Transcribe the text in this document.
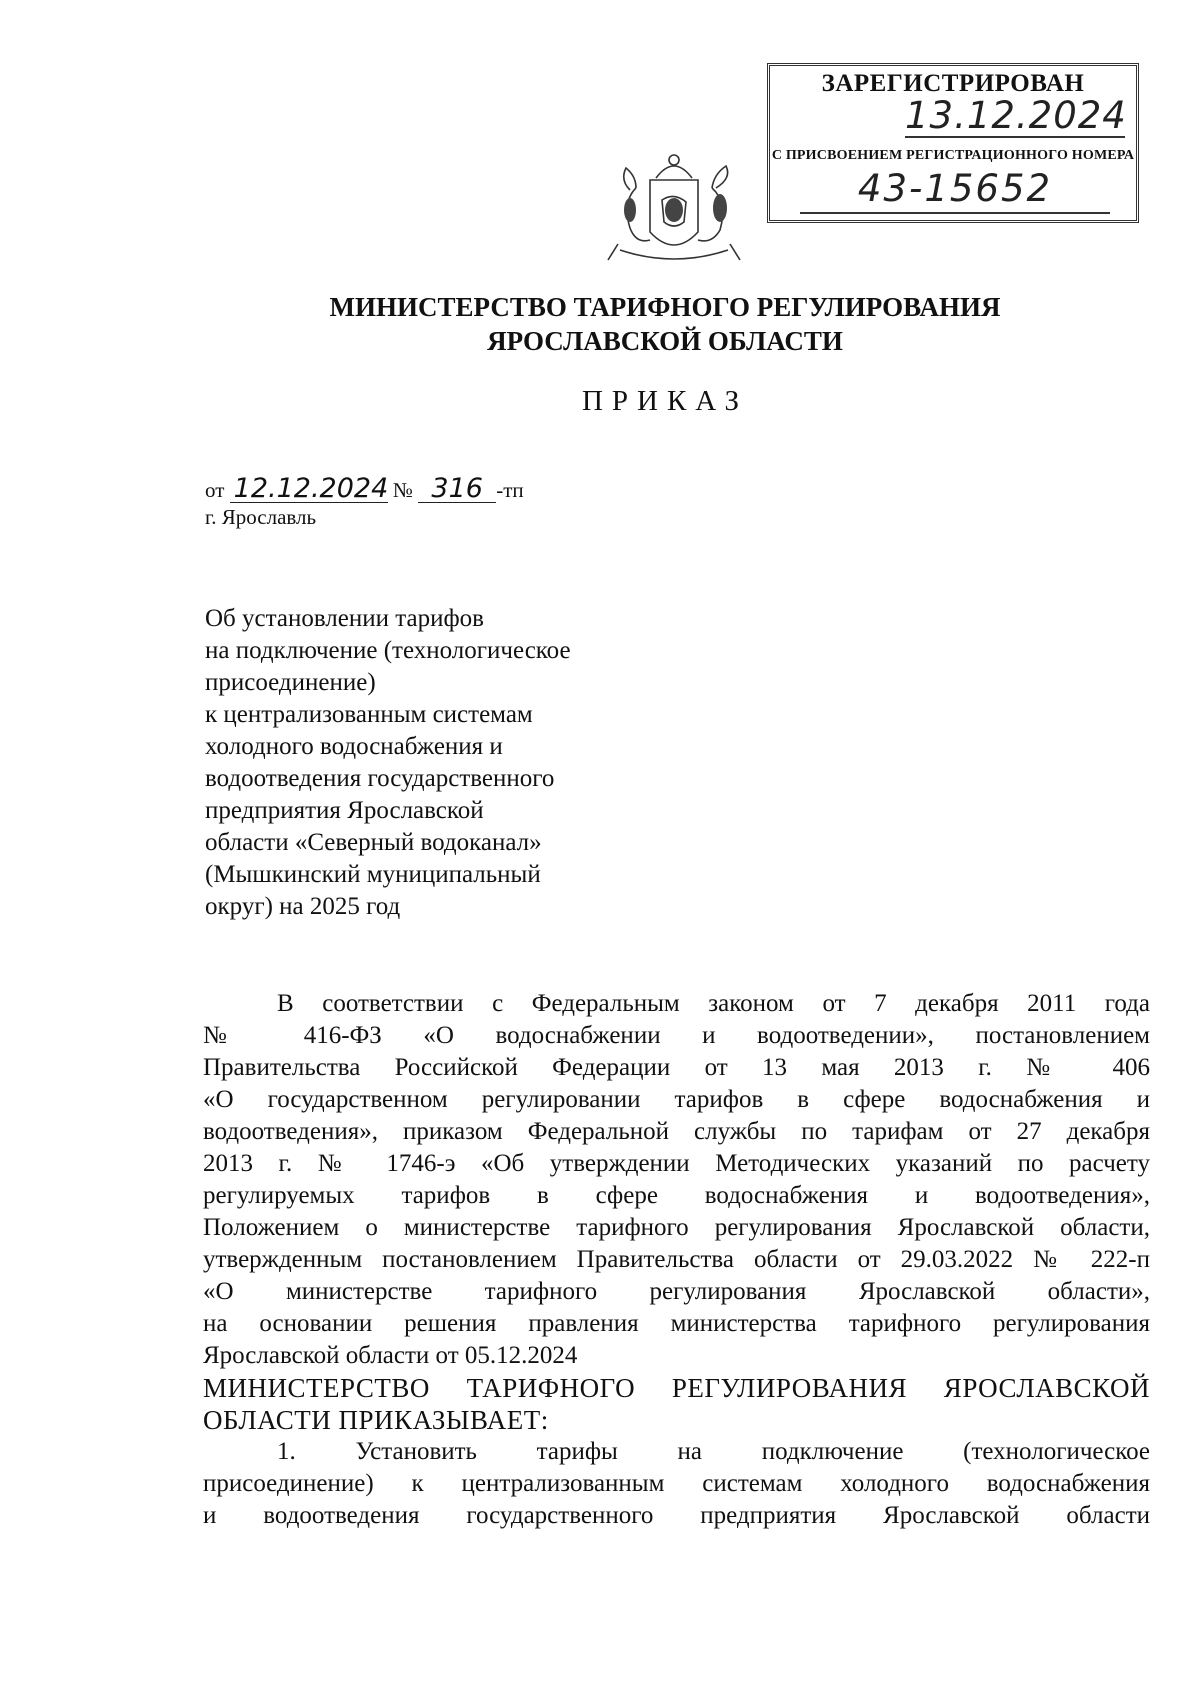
ЗАРЕГИСТРИРОВАН
13.12.2024
С ПРИСВОЕНИЕМ РЕГИСТРАЦИОННОГО НОМЕРА
43-15652
МИНИСТЕРСТВО ТАРИФНОГО РЕГУЛИРОВАНИЯ
ЯРОСЛАВСКОЙ ОБЛАСТИ
ПРИКАЗ
от 12.12.2024 № 316 -тп
г. Ярославль
Об установлении тарифов
на подключение (технологическое
присоединение)
к централизованным системам
холодного водоснабжения и
водоотведения государственного
предприятия Ярославской
области «Северный водоканал»
(Мышкинский муниципальный
округ) на 2025 год
В соответствии с Федеральным законом от 7 декабря 2011 года
№ 416-ФЗ «О водоснабжении и водоотведении», постановлением
Правительства Российской Федерации от 13 мая 2013 г. № 406
«О государственном регулировании тарифов в сфере водоснабжения и
водоотведения», приказом Федеральной службы по тарифам от 27 декабря
2013 г. № 1746-э «Об утверждении Методических указаний по расчету
регулируемых тарифов в сфере водоснабжения и водоотведения»,
Положением о министерстве тарифного регулирования Ярославской области,
утвержденным постановлением Правительства области от 29.03.2022 № 222-п
«О министерстве тарифного регулирования Ярославской области»,
на основании решения правления министерства тарифного регулирования
Ярославской области от 05.12.2024
МИНИСТЕРСТВО ТАРИФНОГО РЕГУЛИРОВАНИЯ ЯРОСЛАВСКОЙ
ОБЛАСТИ ПРИКАЗЫВАЕТ:
1. Установить тарифы на подключение (технологическое
присоединение) к централизованным системам холодного водоснабжения
и водоотведения государственного предприятия Ярославской области
